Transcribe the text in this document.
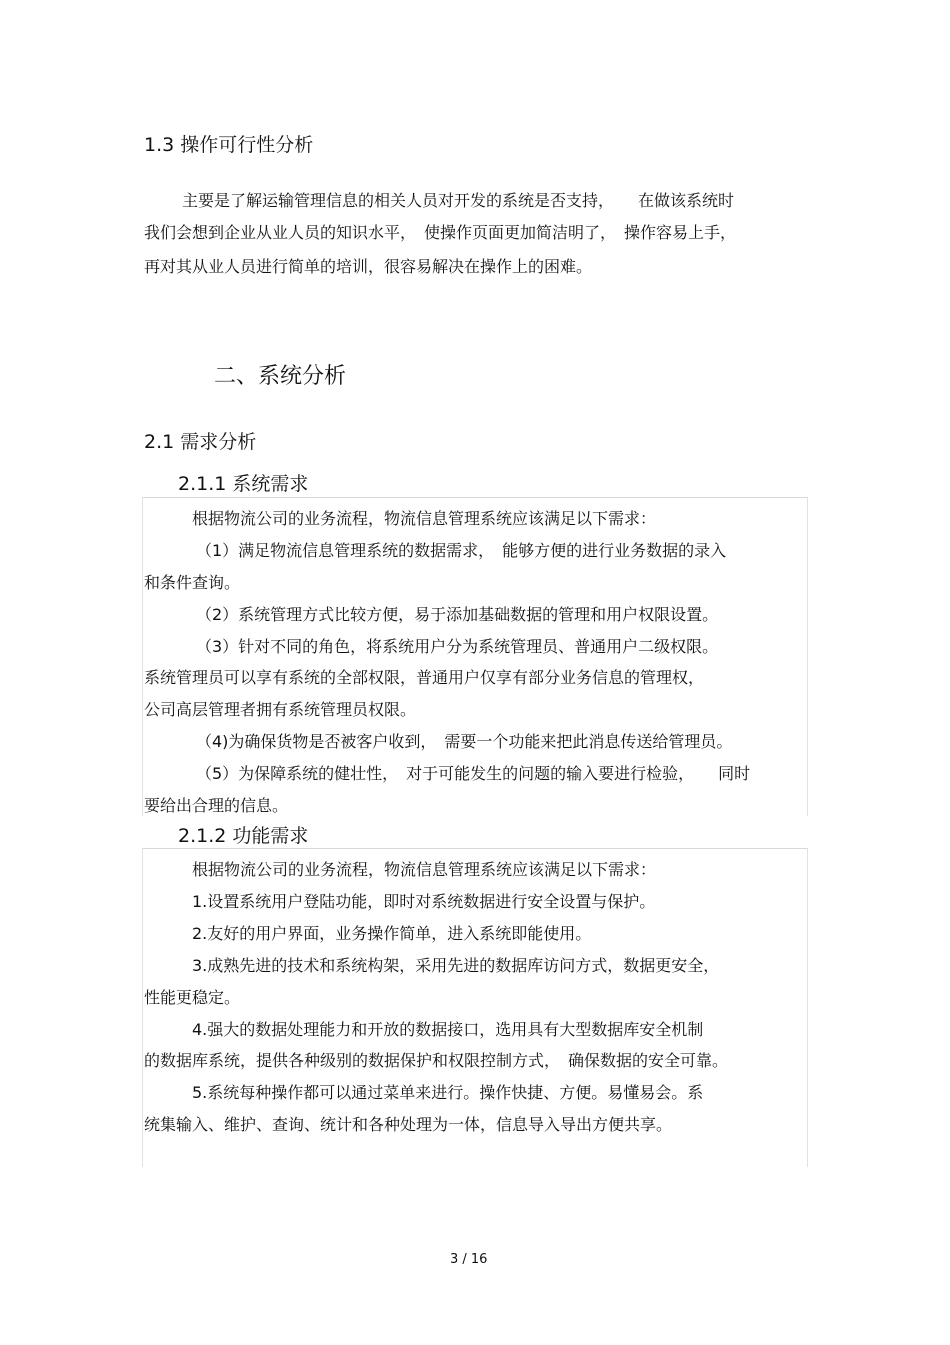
1.3 操作可行性分析
主要是了解运输管理信息的相关人员对开发的系统是否支持，　　在做该系统时
我们会想到企业从业人员的知识水平，　使操作页面更加简洁明了，　操作容易上手，
再对其从业人员进行简单的培训，很容易解决在操作上的困难。
二、系统分析
2.1 需求分析
2.1.1 系统需求
根据物流公司的业务流程，物流信息管理系统应该满足以下需求：
（1）满足物流信息管理系统的数据需求，　能够方便的进行业务数据的录入
和条件查询。
（2）系统管理方式比较方便，易于添加基础数据的管理和用户权限设置。
（3）针对不同的角色，将系统用户分为系统管理员、普通用户二级权限。
系统管理员可以享有系统的全部权限，普通用户仅享有部分业务信息的管理权，
公司高层管理者拥有系统管理员权限。
（4)为确保货物是否被客户收到，　需要一个功能来把此消息传送给管理员。
（5）为保障系统的健壮性，　对于可能发生的问题的输入要进行检验，　　同时
要给出合理的信息。
2.1.2 功能需求
根据物流公司的业务流程，物流信息管理系统应该满足以下需求：
1.设置系统用户登陆功能，即时对系统数据进行安全设置与保护。
2.友好的用户界面，业务操作简单，进入系统即能使用。
3.成熟先进的技术和系统构架，采用先进的数据库访问方式，数据更安全，
性能更稳定。
4.强大的数据处理能力和开放的数据接口，选用具有大型数据库安全机制
的数据库系统，提供各种级别的数据保护和权限控制方式，　确保数据的安全可靠。
5.系统每种操作都可以通过菜单来进行。操作快捷、方便。易懂易会。系
统集输入、维护、查询、统计和各种处理为一体，信息导入导出方便共享。
3 / 16
